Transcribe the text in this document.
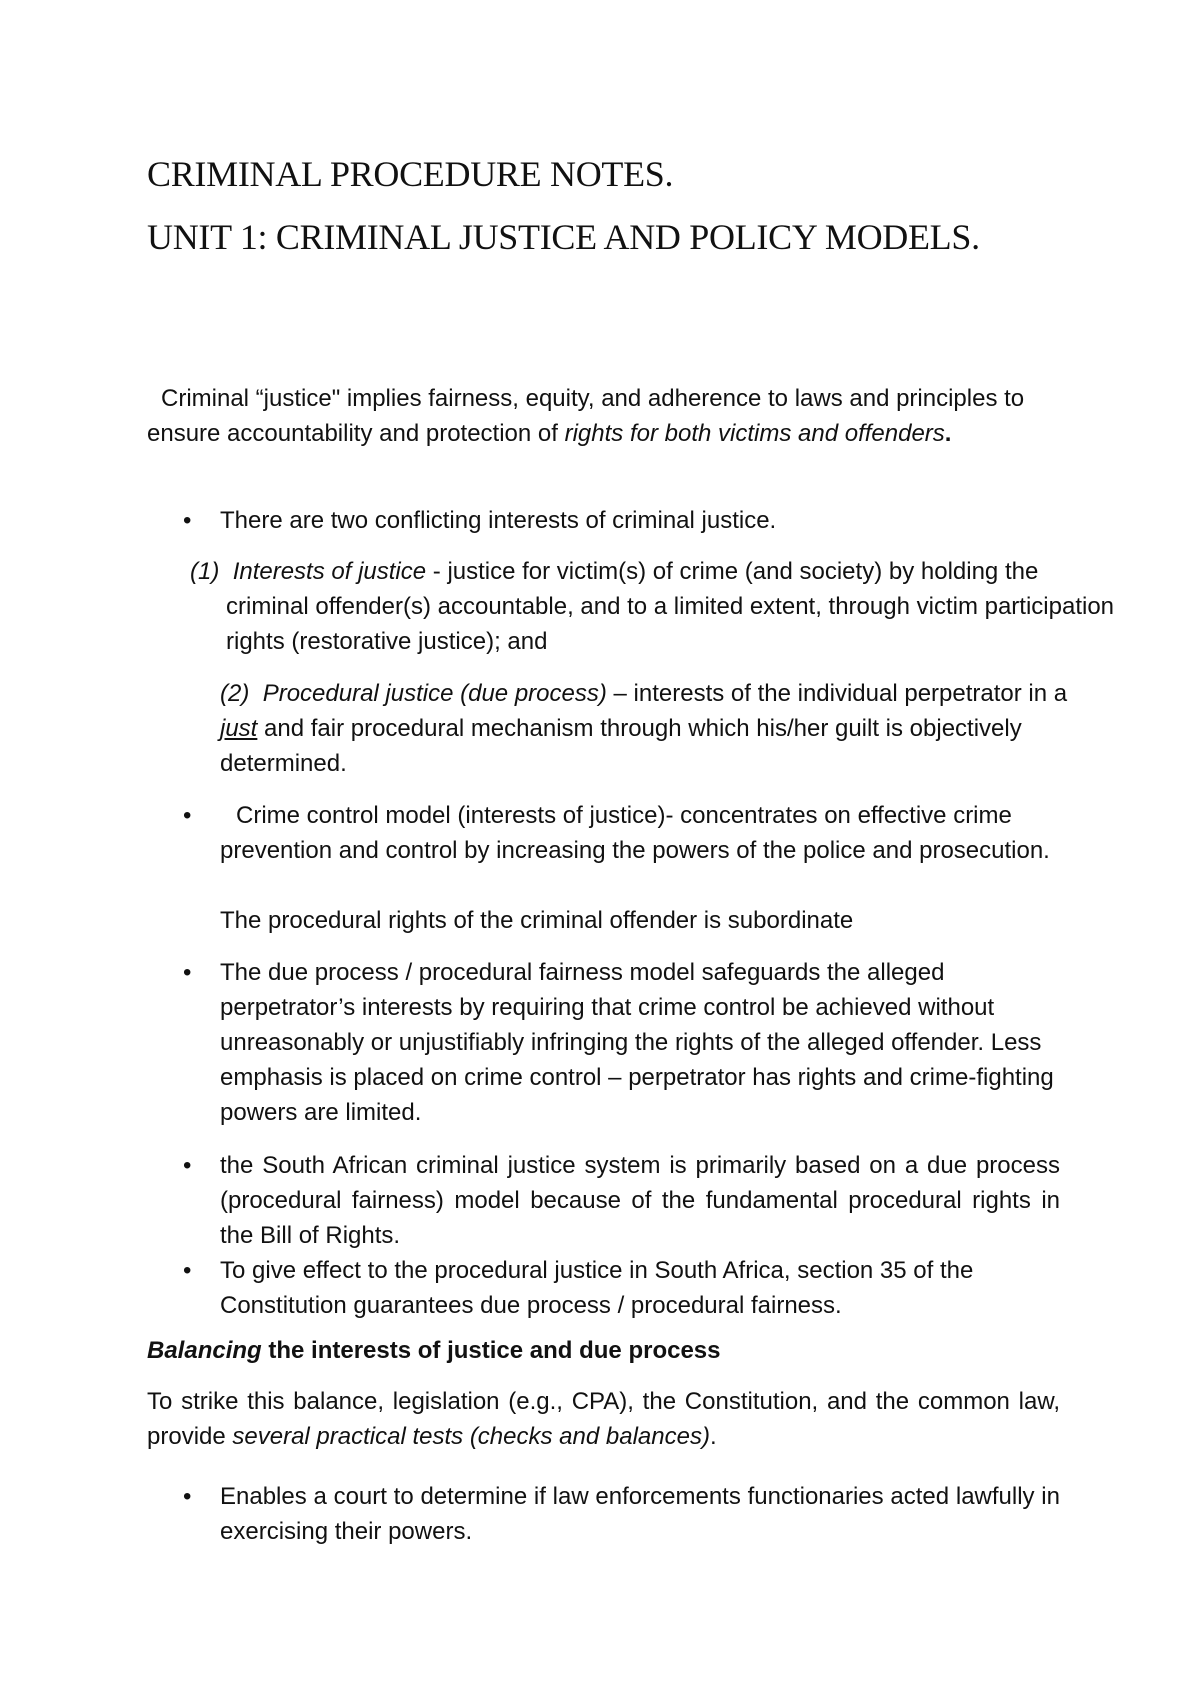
CRIMINAL PROCEDURE NOTES.
UNIT 1: CRIMINAL JUSTICE AND POLICY MODELS.

Criminal “justice" implies fairness, equity, and adherence to laws and principles to ensure accountability and protection of rights for both victims and offenders.

• There are two conflicting interests of criminal justice.

(1) Interests of justice - justice for victim(s) of crime (and society) by holding the criminal offender(s) accountable, and to a limited extent, through victim participation rights (restorative justice); and

(2) Procedural justice (due process) – interests of the individual perpetrator in a just and fair procedural mechanism through which his/her guilt is objectively determined.

•	Crime control model (interests of justice)- concentrates on effective crime prevention and control by increasing the powers of the police and prosecution.

The procedural rights of the criminal offender is subordinate

• The due process / procedural fairness model safeguards the alleged perpetrator’s interests by requiring that crime control be achieved without unreasonably or unjustifiably infringing the rights of the alleged offender. Less emphasis is placed on crime control – perpetrator has rights and crime-fighting powers are limited.

• the South African criminal justice system is primarily based on a due process (procedural fairness) model because of the fundamental procedural rights in the Bill of Rights.

• To give effect to the procedural justice in South Africa, section 35 of the Constitution guarantees due process / procedural fairness.

Balancing the interests of justice and due process

To strike this balance, legislation (e.g., CPA), the Constitution, and the common law, provide several practical tests (checks and balances).

• Enables a court to determine if law enforcements functionaries acted lawfully in exercising their powers.
